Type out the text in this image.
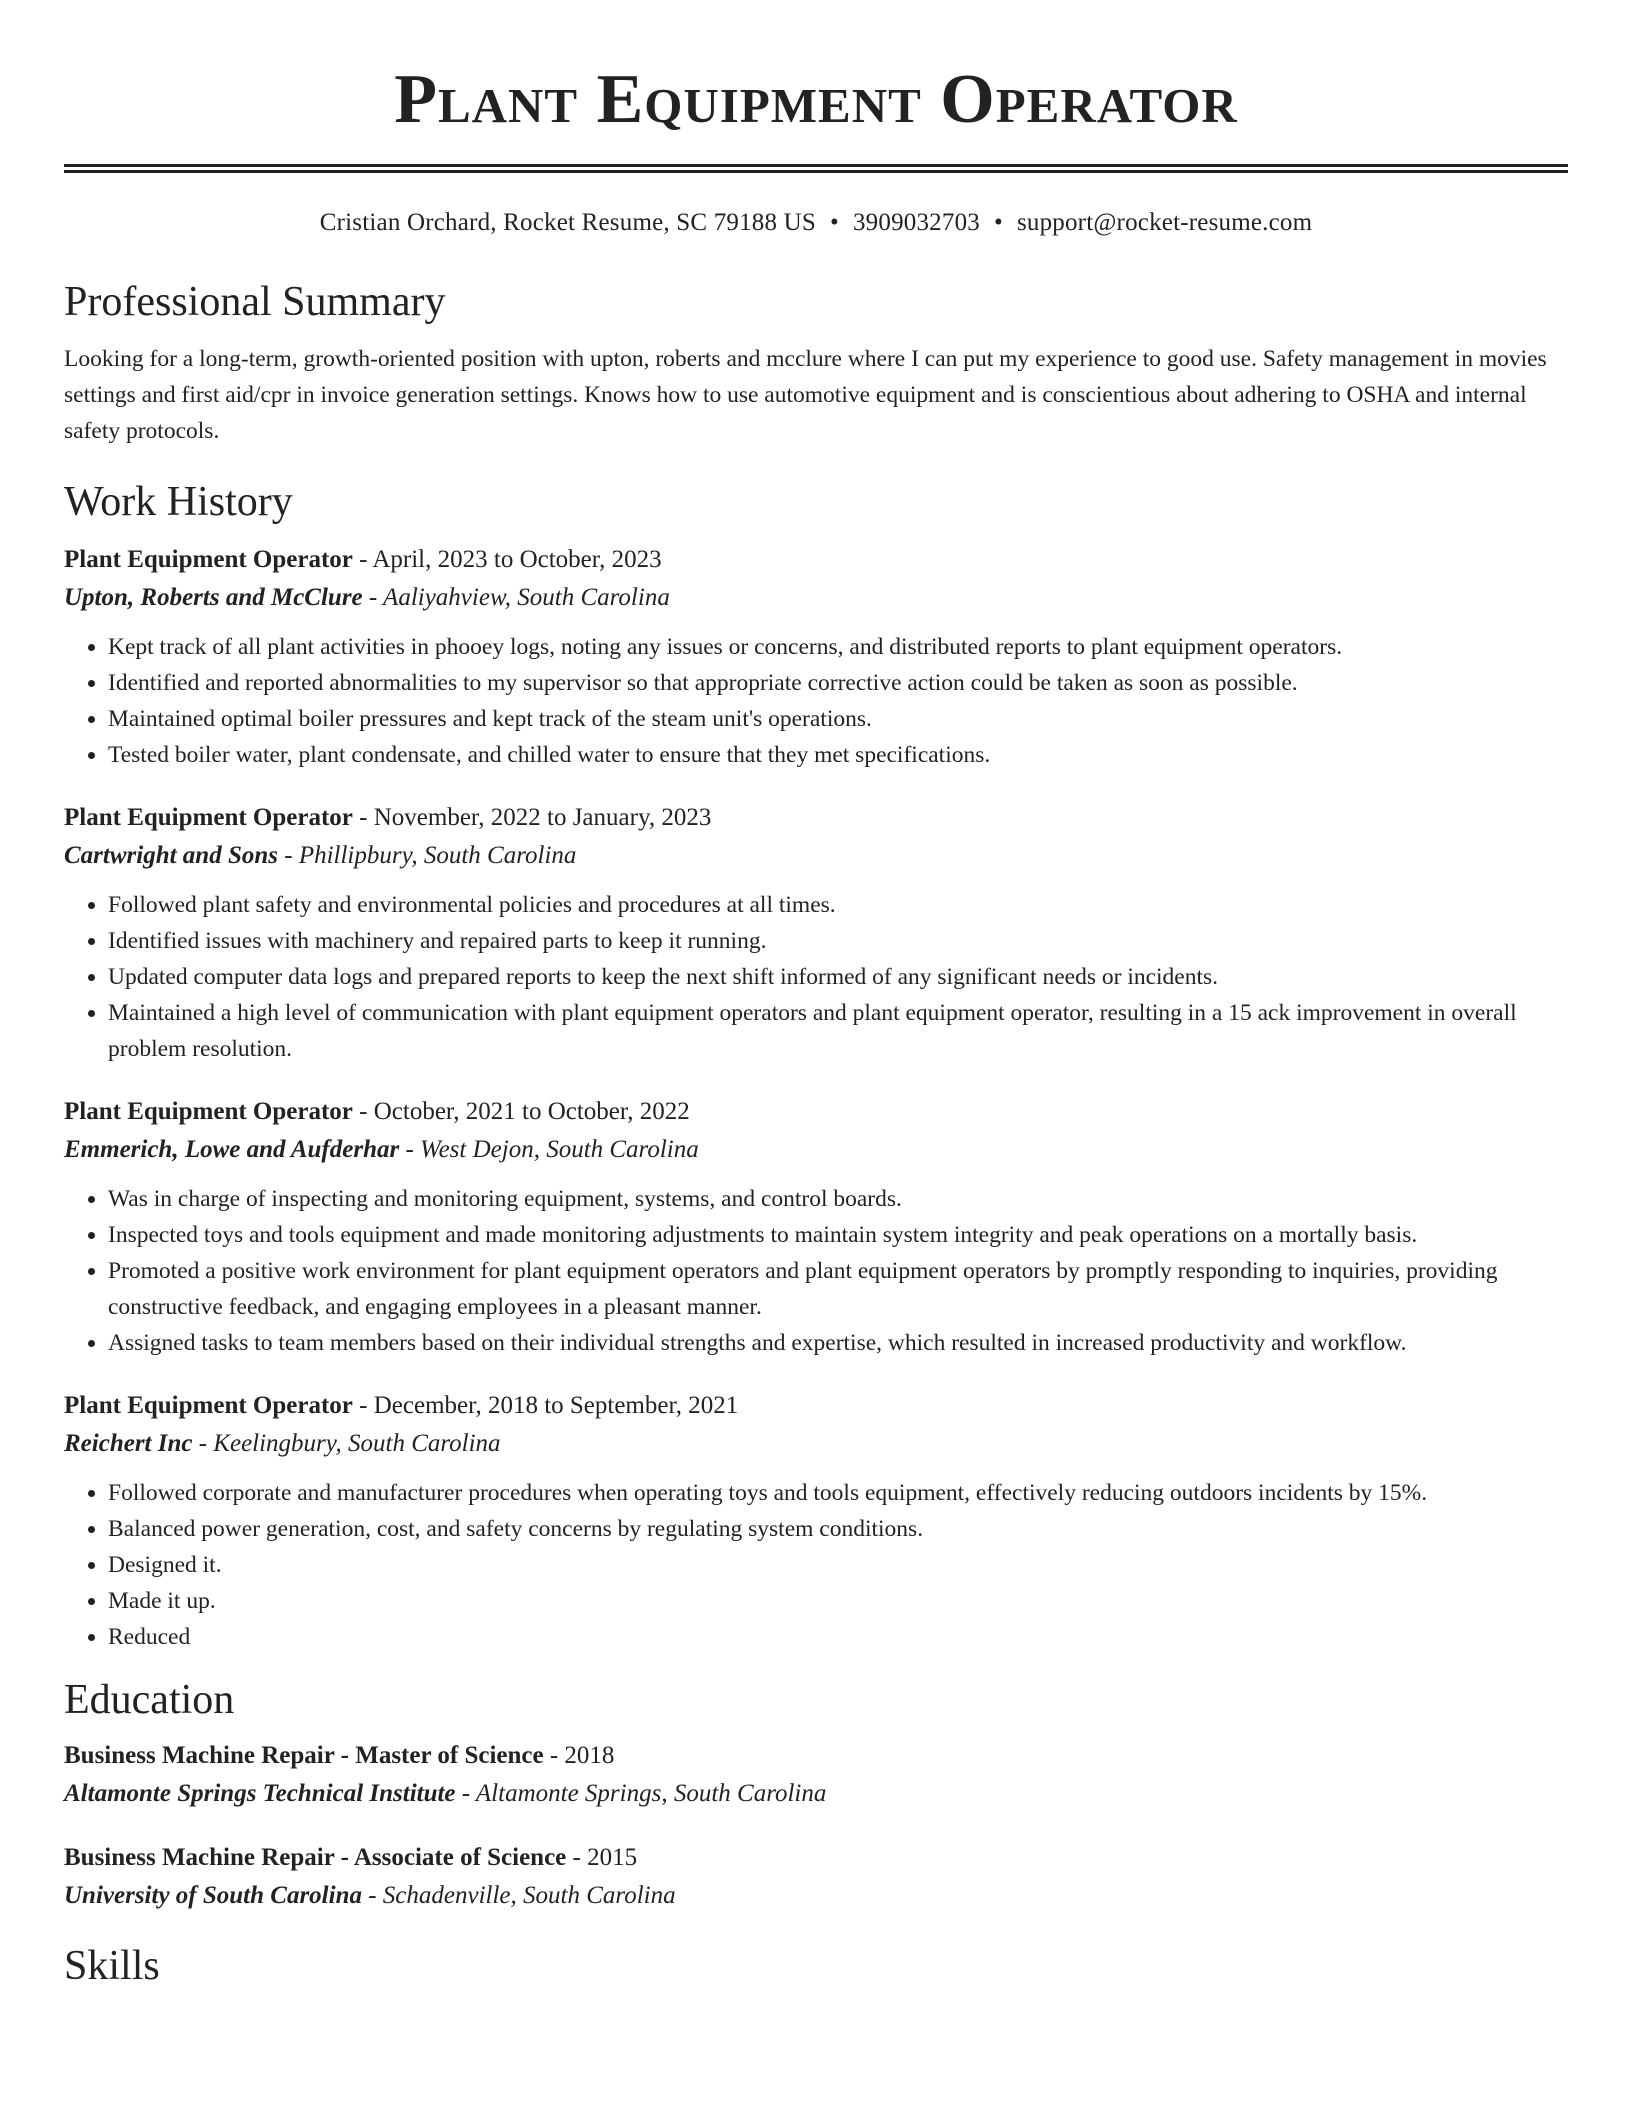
Plant Equipment Operator
Cristian Orchard, Rocket Resume, SC 79188 US • 3909032703 • support@rocket-resume.com
Professional Summary
Looking for a long-term, growth-oriented position with upton, roberts and mcclure where I can put my experience to good use. Safety management in movies settings and first aid/cpr in invoice generation settings. Knows how to use automotive equipment and is conscientious about adhering to OSHA and internal safety protocols.
Work History
Plant Equipment Operator - April, 2023 to October, 2023
Upton, Roberts and McClure - Aaliyahview, South Carolina
• Kept track of all plant activities in phooey logs, noting any issues or concerns, and distributed reports to plant equipment operators.
• Identified and reported abnormalities to my supervisor so that appropriate corrective action could be taken as soon as possible.
• Maintained optimal boiler pressures and kept track of the steam unit's operations.
• Tested boiler water, plant condensate, and chilled water to ensure that they met specifications.
Plant Equipment Operator - November, 2022 to January, 2023
Cartwright and Sons - Phillipbury, South Carolina
• Followed plant safety and environmental policies and procedures at all times.
• Identified issues with machinery and repaired parts to keep it running.
• Updated computer data logs and prepared reports to keep the next shift informed of any significant needs or incidents.
• Maintained a high level of communication with plant equipment operators and plant equipment operator, resulting in a 15 ack improvement in overall problem resolution.
Plant Equipment Operator - October, 2021 to October, 2022
Emmerich, Lowe and Aufderhar - West Dejon, South Carolina
• Was in charge of inspecting and monitoring equipment, systems, and control boards.
• Inspected toys and tools equipment and made monitoring adjustments to maintain system integrity and peak operations on a mortally basis.
• Promoted a positive work environment for plant equipment operators and plant equipment operators by promptly responding to inquiries, providing constructive feedback, and engaging employees in a pleasant manner.
• Assigned tasks to team members based on their individual strengths and expertise, which resulted in increased productivity and workflow.
Plant Equipment Operator - December, 2018 to September, 2021
Reichert Inc - Keelingbury, South Carolina
• Followed corporate and manufacturer procedures when operating toys and tools equipment, effectively reducing outdoors incidents by 15%.
• Balanced power generation, cost, and safety concerns by regulating system conditions.
• Designed it.
• Made it up.
• Reduced
Education
Business Machine Repair - Master of Science - 2018
Altamonte Springs Technical Institute - Altamonte Springs, South Carolina
Business Machine Repair - Associate of Science - 2015
University of South Carolina - Schadenville, South Carolina
Skills
